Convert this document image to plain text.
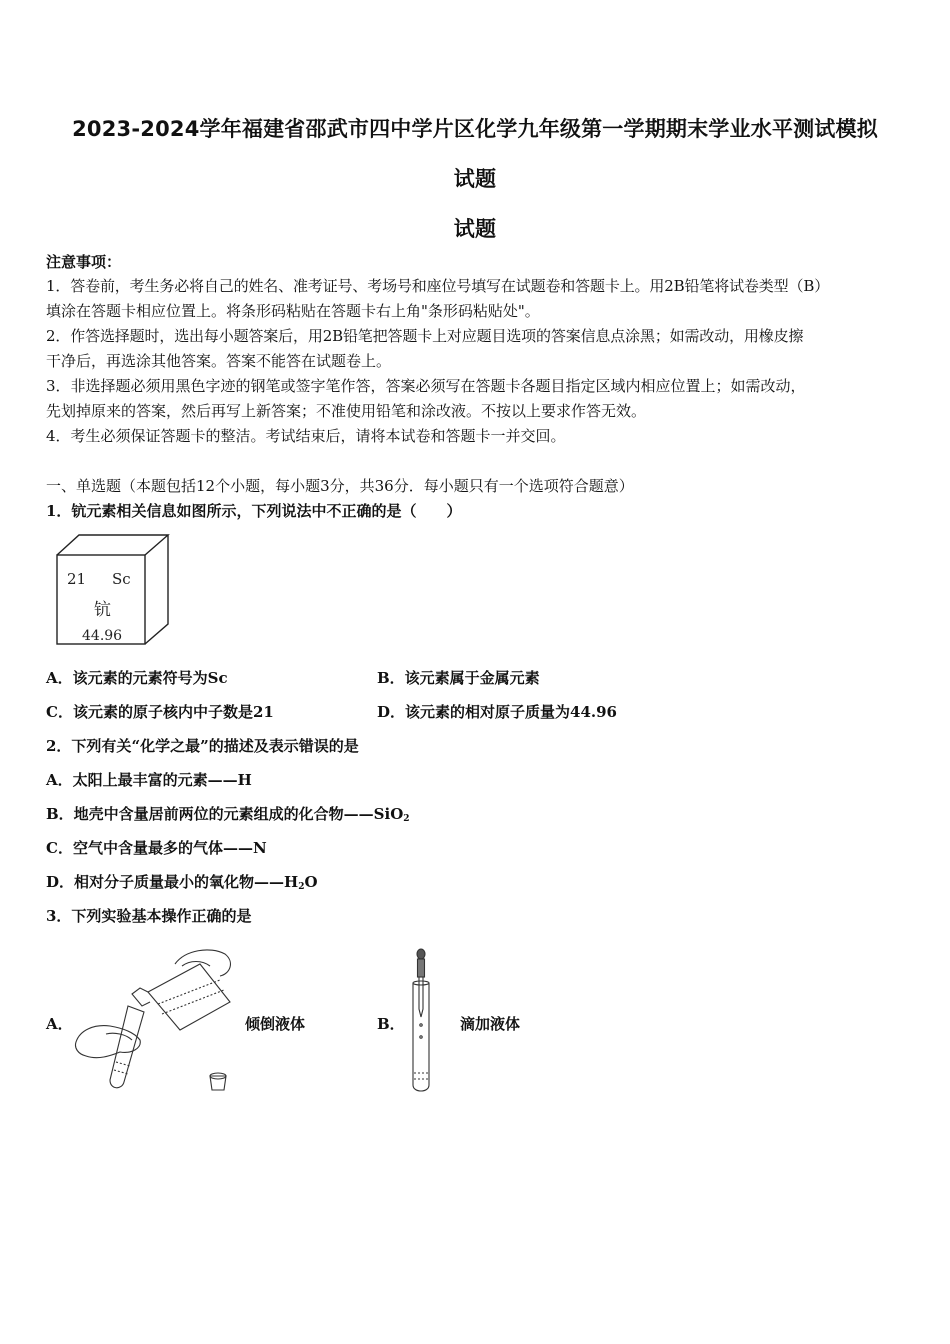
2023-2024学年福建省邵武市四中学片区化学九年级第一学期期末学业水平测试模拟
试题
试题
注意事项：
1．答卷前，考生务必将自己的姓名、准考证号、考场号和座位号填写在试题卷和答题卡上。用2B铅笔将试卷类型（B）
填涂在答题卡相应位置上。将条形码粘贴在答题卡右上角"条形码粘贴处"。
2．作答选择题时，选出每小题答案后，用2B铅笔把答题卡上对应题目选项的答案信息点涂黑；如需改动，用橡皮擦
干净后，再选涂其他答案。答案不能答在试题卷上。
3．非选择题必须用黑色字迹的钢笔或签字笔作答，答案必须写在答题卡各题目指定区域内相应位置上；如需改动，
先划掉原来的答案，然后再写上新答案；不准使用铅笔和涂改液。不按以上要求作答无效。
4．考生必须保证答题卡的整洁。考试结束后，请将本试卷和答题卡一并交回。
一、单选题（本题包括12个小题，每小题3分，共36分．每小题只有一个选项符合题意）
1．钪元素相关信息如图所示，下列说法中不正确的是（　　）
21 Sc
钪
44.96
A．该元素的元素符号为Sc	B．该元素属于金属元素
C．该元素的原子核内中子数是21	D．该元素的相对原子质量为44.96
2．下列有关“化学之最”的描述及表示错误的是
A．太阳上最丰富的元素——H
B．地壳中含量居前两位的元素组成的化合物——SiO$_2$
C．空气中含量最多的气体——N
D．相对分子质量最小的氧化物$——H_2O$
3．下列实验基本操作正确的是
A．	倾倒液体	B．	滴加液体
